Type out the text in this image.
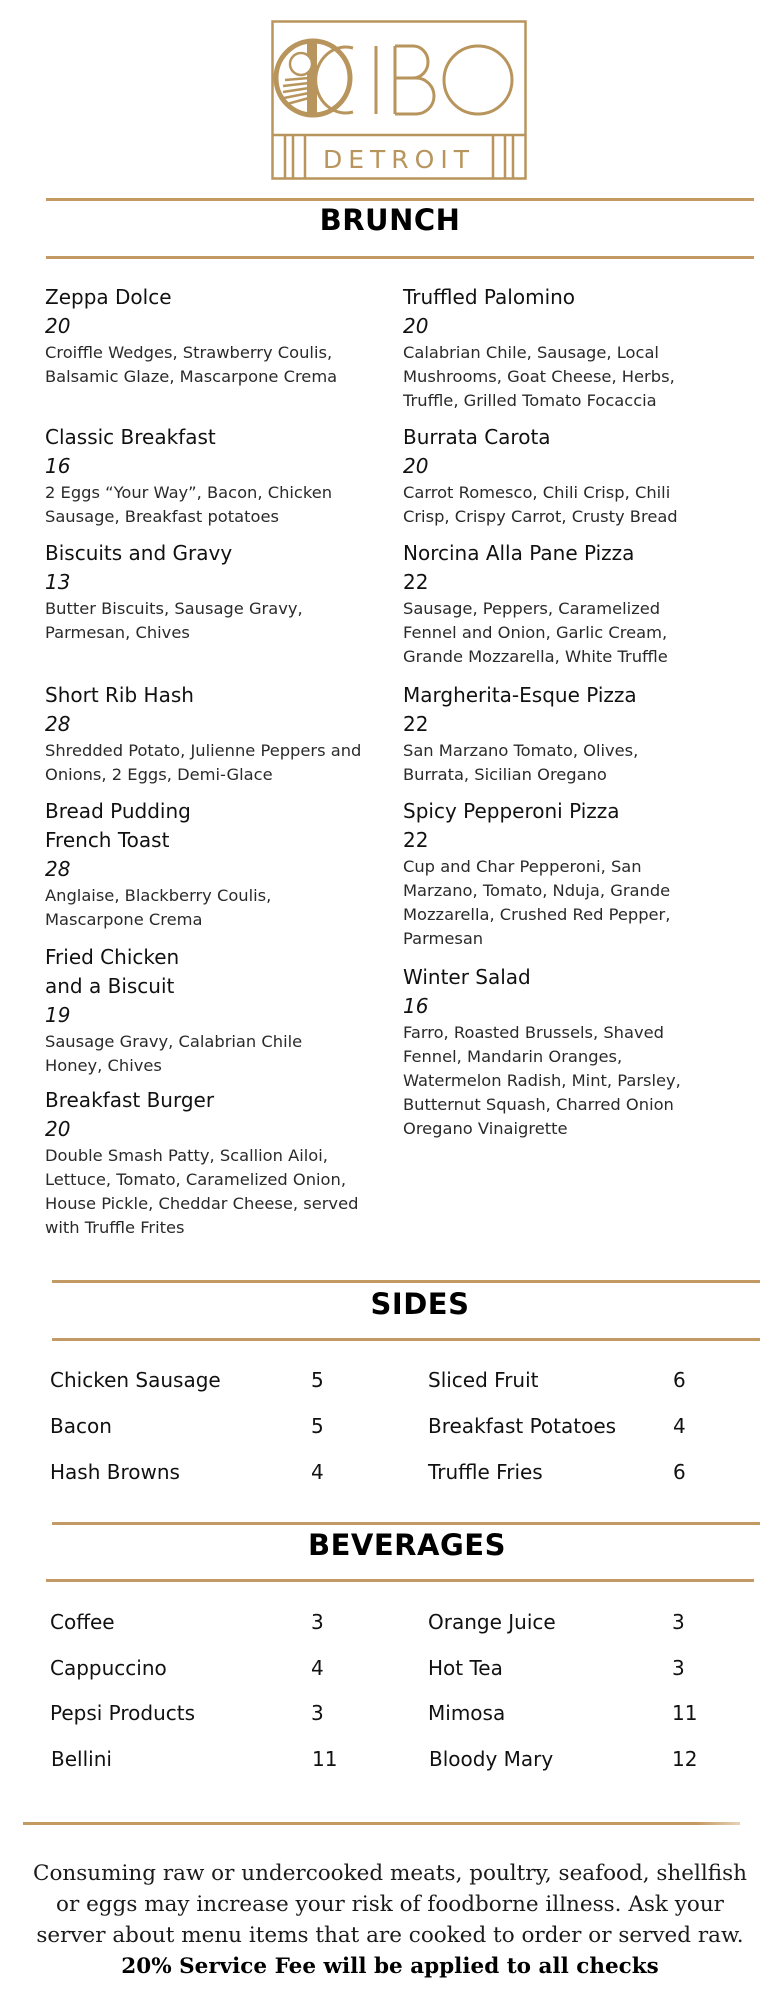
DETROIT
BRUNCH
Zeppa Dolce
20
Croiffle Wedges, Strawberry Coulis, Balsamic Glaze, Mascarpone Crema
Classic Breakfast
16
2 Eggs “Your Way”, Bacon, Chicken Sausage, Breakfast potatoes
Biscuits and Gravy
13
Butter Biscuits, Sausage Gravy, Parmesan, Chives
Short Rib Hash
28
Shredded Potato, Julienne Peppers and Onions, 2 Eggs, Demi-Glace
Bread Pudding
French Toast
28
Anglaise, Blackberry Coulis, Mascarpone Crema
Fried Chicken
and a Biscuit
19
Sausage Gravy, Calabrian Chile Honey, Chives
Breakfast Burger
20
Double Smash Patty, Scallion Ailoi, Lettuce, Tomato, Caramelized Onion, House Pickle, Cheddar Cheese, served with Truffle Frites
Truffled Palomino
20
Calabrian Chile, Sausage, Local Mushrooms, Goat Cheese, Herbs, Truffle, Grilled Tomato Focaccia
Burrata Carota
20
Carrot Romesco, Chili Crisp, Chili Crisp, Crispy Carrot, Crusty Bread
Norcina Alla Pane Pizza
22
Sausage, Peppers, Caramelized Fennel and Onion, Garlic Cream, Grande Mozzarella, White Truffle
Margherita-Esque Pizza
22
San Marzano Tomato, Olives, Burrata, Sicilian Oregano
Spicy Pepperoni Pizza
22
Cup and Char Pepperoni, San Marzano, Tomato, Nduja, Grande Mozzarella, Crushed Red Pepper, Parmesan
Winter Salad
16
Farro, Roasted Brussels, Shaved Fennel, Mandarin Oranges, Watermelon Radish, Mint, Parsley, Butternut Squash, Charred Onion Oregano Vinaigrette
SIDES
Chicken Sausage	5
Bacon	5
Hash Browns	4
Sliced Fruit	6
Breakfast Potatoes	4
Truffle Fries	6
BEVERAGES
Coffee	3
Cappuccino	4
Pepsi Products	3
Bellini	11
Orange Juice	3
Hot Tea	3
Mimosa	11
Bloody Mary	12
Consuming raw or undercooked meats, poultry, seafood, shellfish
or eggs may increase your risk of foodborne illness. Ask your
server about menu items that are cooked to order or served raw.
20% Service Fee will be applied to all checks
